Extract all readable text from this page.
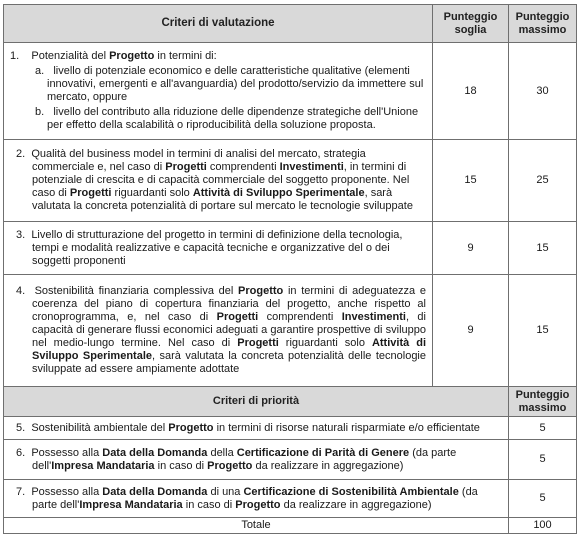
Criteri di valutazione	Punteggio soglia	Punteggio massimo

1. Potenzialità del Progetto in termini di:
a. livello di potenziale economico e delle caratteristiche qualitative (elementi innovativi, emergenti e all'avanguardia) del prodotto/servizio da immettere sul mercato, oppure
b. livello del contributo alla riduzione delle dipendenze strategiche dell'Unione per effetto della scalabilità o riproducibilità della soluzione proposta.	18	30

2. Qualità del business model in termini di analisi del mercato, strategia commerciale e, nel caso di Progetti comprendenti Investimenti, in termini di potenziale di crescita e di capacità commerciale del soggetto proponente. Nel caso di Progetti riguardanti solo Attività di Sviluppo Sperimentale, sarà valutata la concreta potenzialità di portare sul mercato le tecnologie sviluppate	15	25

3. Livello di strutturazione del progetto in termini di definizione della tecnologia, tempi e modalità realizzative e capacità tecniche e organizzative del o dei soggetti proponenti	9	15

4. Sostenibilità finanziaria complessiva del Progetto in termini di adeguatezza e coerenza del piano di copertura finanziaria del progetto, anche rispetto al cronoprogramma, e, nel caso di Progetti comprendenti Investimenti, di capacità di generare flussi economici adeguati a garantire prospettive di sviluppo nel medio-lungo termine. Nel caso di Progetti riguardanti solo Attività di Sviluppo Sperimentale, sarà valutata la concreta potenzialità delle tecnologie sviluppate ad essere ampiamente adottate	9	15
Criteri di priorità		Punteggio massimo

5. Sostenibilità ambientale del Progetto in termini di risorse naturali risparmiate e/o efficientate		5

6. Possesso alla Data della Domanda della Certificazione di Parità di Genere (da parte dell'Impresa Mandataria in caso di Progetto da realizzare in aggregazione)		5

7. Possesso alla Data della Domanda di una Certificazione di Sostenibilità Ambientale (da parte dell'Impresa Mandataria in caso di Progetto da realizzare in aggregazione)		5
Totale		100
